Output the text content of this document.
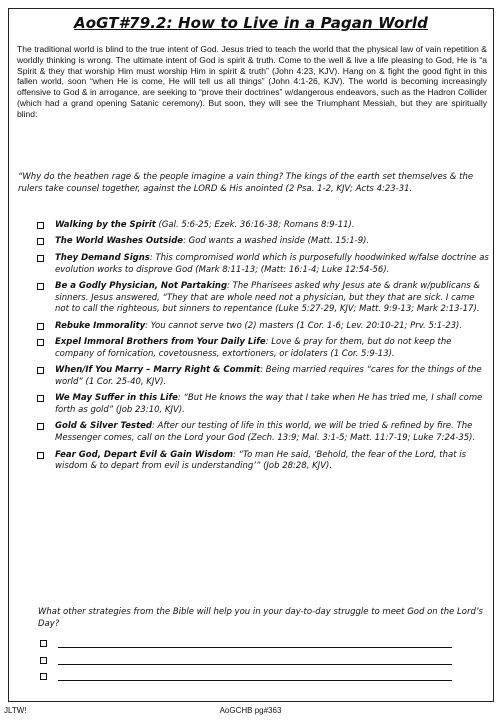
AoGT#79.2: How to Live in a Pagan World

The traditional world is blind to the true intent of God. Jesus tried to teach the world that the physical law of vain repetition & worldly thinking is wrong. The ultimate intent of God is spirit & truth. Come to the well & live a life pleasing to God, He is “a Spirit & they that worship Him must worship Him in spirit & truth” (John 4:23, KJV). Hang on & fight the good fight in this fallen world, soon “when He is come, He will tell us all things” (John 4:1-26, KJV). The world is becoming increasingly offensive to God & in arrogance, are seeking to “prove their doctrines” w/dangerous endeavors, such as the Hadron Collider (which had a grand opening Satanic ceremony). But soon, they will see the Triumphant Messiah, but they are spiritually blind:

“Why do the heathen rage & the people imagine a vain thing? The kings of the earth set themselves & the rulers take counsel together, against the LORD & His anointed (2 Psa. 1-2, KJV; Acts 4:23-31.

Walking by the Spirit (Gal. 5:6-25; Ezek. 36:16-38; Romans 8:9-11).
The World Washes Outside: God wants a washed inside (Matt. 15:1-9).
They Demand Signs: This compromised world which is purposefully hoodwinked w/false doctrine as evolution works to disprove God (Mark 8:11-13; (Matt: 16:1-4; Luke 12:54-56).
Be a Godly Physician, Not Partaking: The Pharisees asked why Jesus ate & drank w/publicans & sinners. Jesus answered, “They that are whole need not a physician, but they that are sick. I came not to call the righteous, but sinners to repentance (Luke 5:27-29, KJV; Matt. 9:9-13; Mark 2:13-17).
Rebuke Immorality: You cannot serve two (2) masters (1 Cor. 1-6; Lev. 20:10-21; Prv. 5:1-23).
Expel Immoral Brothers from Your Daily Life: Love & pray for them, but do not keep the company of fornication, covetousness, extortioners, or idolaters (1 Cor. 5:9-13).
When/If You Marry – Marry Right & Commit: Being married requires “cares for the things of the world” (1 Cor. 25-40, KJV).
We May Suffer in this Life: “But He knows the way that I take when He has tried me, I shall come forth as gold” (Job 23:10, KJV).
Gold & Silver Tested: After our testing of life in this world, we will be tried & refined by fire. The Messenger comes, call on the Lord your God (Zech. 13:9; Mal. 3:1-5; Matt. 11:7-19; Luke 7:24-35).
Fear God, Depart Evil & Gain Wisdom: “To man He said, ‘Behold, the fear of the Lord, that is wisdom & to depart from evil is understanding’” (Job 28:28, KJV).

What other strategies from the Bible will help you in your day-to-day struggle to meet God on the Lord’s Day?

JLTW!	AoGCHB pg#363
